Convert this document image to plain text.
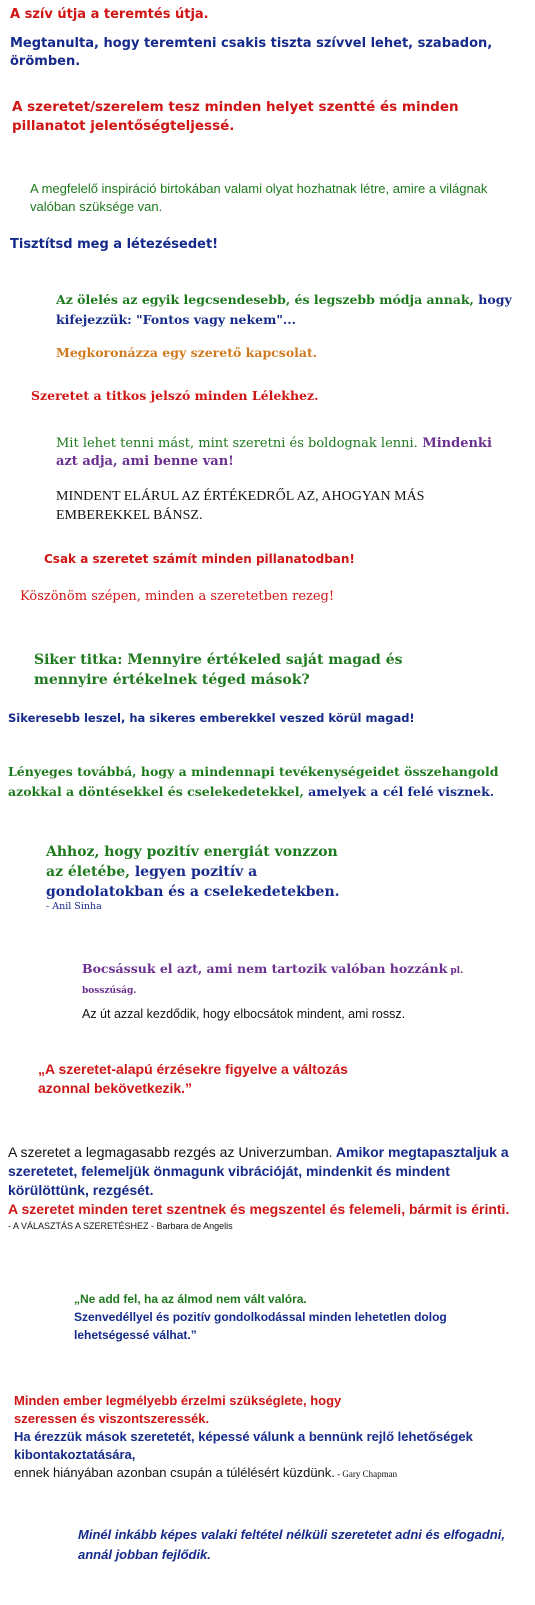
A szív útja a teremtés útja.

Megtanulta, hogy teremteni csakis tiszta szívvel lehet, szabadon, örömben.

A szeretet/szerelem tesz minden helyet szentté és minden pillanatot jelentőségteljessé.

A megfelelő inspiráció birtokában valami olyat hozhatnak létre, amire a világnak valóban szüksége van.

Tisztítsd meg a létezésedet!

Az ölelés az egyik legcsendesebb, és legszebb módja annak, hogy kifejezzük: "Fontos vagy nekem"...

Megkoronázza egy szerető kapcsolat.

Szeretet a titkos jelszó minden Lélekhez.

Mit lehet tenni mást, mint szeretni és boldognak lenni. Mindenki azt adja, ami benne van!

MINDENT ELÁRUL AZ ÉRTÉKEDRŐL AZ, AHOGYAN MÁS EMBEREKKEL BÁNSZ.

Csak a szeretet számít minden pillanatodban!

Köszönöm szépen, minden a szeretetben rezeg!

Siker titka: Mennyire értékeled saját magad és mennyire értékelnek téged mások?

Sikeresebb leszel, ha sikeres emberekkel veszed körül magad!

Lényeges továbbá, hogy a mindennapi tevékenységeidet összehangold azokkal a döntésekkel és cselekedetekkel, amelyek a cél felé visznek.

Ahhoz, hogy pozitív energiát vonzzon az életébe, legyen pozitív a gondolatokban és a cselekedetekben.

- Anil Sinha

Bocsássuk el azt, ami nem tartozik valóban hozzánk pl. bosszúság.

Az út azzal kezdődik, hogy elbocsátok mindent, ami rossz.

„A szeretet-alapú érzésekre figyelve a változás azonnal bekövetkezik.”

A szeretet a legmagasabb rezgés az Univerzumban. Amikor megtapasztaljuk a szeretetet, felemeljük önmagunk vibrációját, mindenkit és mindent körülöttünk, rezgését.

A szeretet minden teret szentnek és megszentel és felemeli, bármit is érinti.

- A VÁLASZTÁS A SZERETÉSHEZ - Barbara de Angelis

„Ne add fel, ha az álmod nem vált valóra.

Szenvedéllyel és pozitív gondolkodással minden lehetetlen dolog lehetségessé válhat.”

Minden ember legmélyebb érzelmi szükséglete, hogy szeressen és viszontszeressék.

Ha érezzük mások szeretetét, képessé válunk a bennünk rejlő lehetőségek kibontakoztatására,

ennek hiányában azonban csupán a túlélésért küzdünk. - Gary Chapman

Minél inkább képes valaki feltétel nélküli szeretetet adni és elfogadni, annál jobban fejlődik.
